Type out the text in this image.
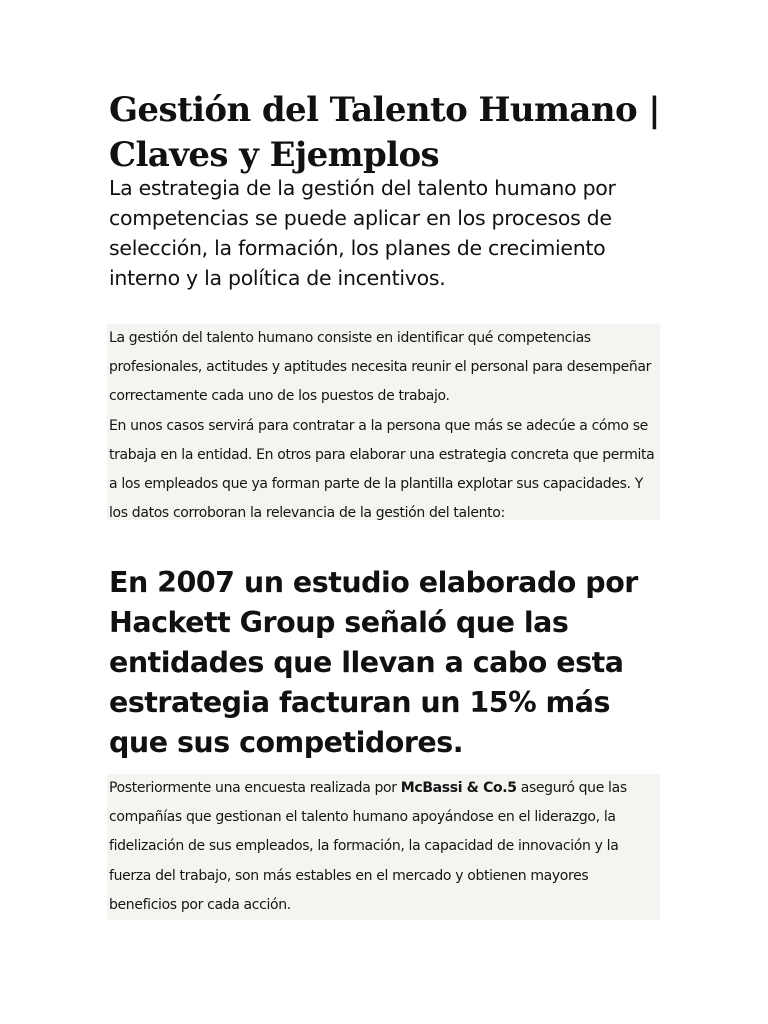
Gestión del Talento Humano |
Claves y Ejemplos

La estrategia de la gestión del talento humano por competencias se puede aplicar en los procesos de selección, la formación, los planes de crecimiento interno y la política de incentivos.

La gestión del talento humano consiste en identificar qué competencias profesionales, actitudes y aptitudes necesita reunir el personal para desempeñar correctamente cada uno de los puestos de trabajo.

En unos casos servirá para contratar a la persona que más se adecúe a cómo se trabaja en la entidad. En otros para elaborar una estrategia concreta que permita a los empleados que ya forman parte de la plantilla explotar sus capacidades. Y los datos corroboran la relevancia de la gestión del talento:

En 2007 un estudio elaborado por Hackett Group señaló que las entidades que llevan a cabo esta estrategia facturan un 15% más que sus competidores.

Posteriormente una encuesta realizada por McBassi & Co.5 aseguró que las compañías que gestionan el talento humano apoyándose en el liderazgo, la fidelización de sus empleados, la formación, la capacidad de innovación y la fuerza del trabajo, son más estables en el mercado y obtienen mayores beneficios por cada acción.
